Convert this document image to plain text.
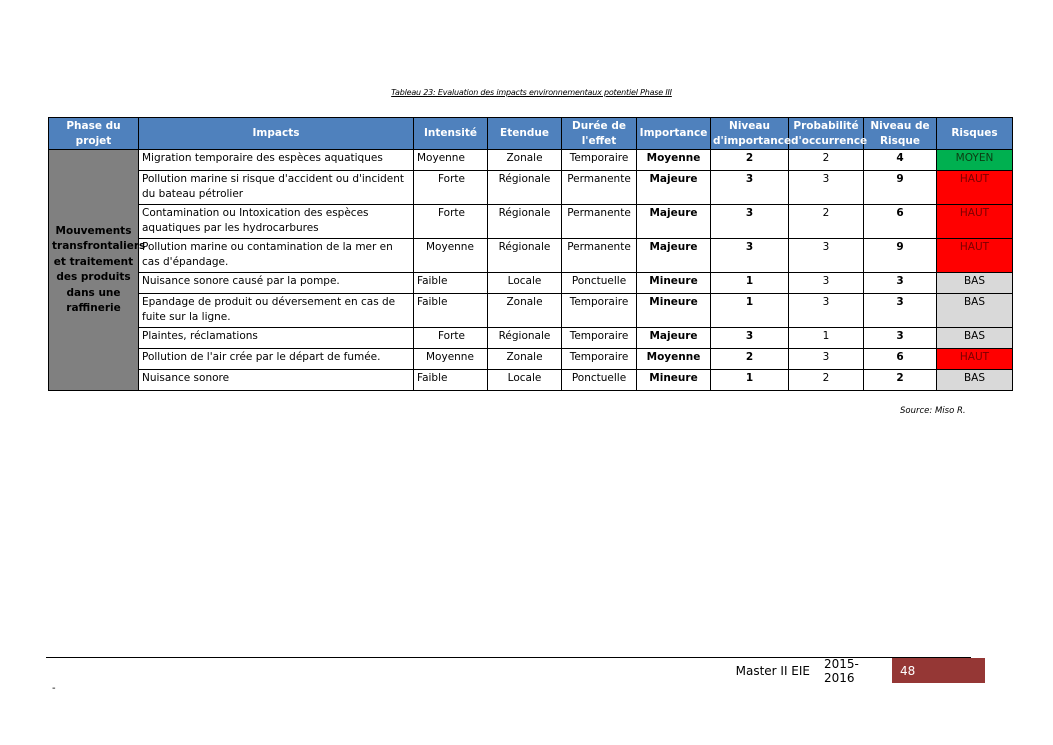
Tableau 23: Evaluation des impacts environnementaux potentiel Phase III
Phase du projet	Impacts	Intensité	Etendue	Durée de l'effet	Importance	Niveau d'importance	Probabilité d'occurrence	Niveau de Risque	Risques
Mouvements transfrontaliers et traitement des produits dans une raffinerie	Migration temporaire des espèces aquatiques	Moyenne	Zonale	Temporaire	Moyenne	2	2	4	MOYEN
	Pollution marine si risque d'accident ou d'incident du bateau pétrolier	Forte	Régionale	Permanente	Majeure	3	3	9	HAUT
	Contamination ou Intoxication des espèces aquatiques par les hydrocarbures	Forte	Régionale	Permanente	Majeure	3	2	6	HAUT
	Pollution marine ou contamination de la mer en cas d'épandage.	Moyenne	Régionale	Permanente	Majeure	3	3	9	HAUT
	Nuisance sonore causé par la pompe.	Faible	Locale	Ponctuelle	Mineure	1	3	3	BAS
	Epandage de produit ou déversement en cas de fuite sur la ligne.	Faible	Zonale	Temporaire	Mineure	1	3	3	BAS
	Plaintes, réclamations	Forte	Régionale	Temporaire	Majeure	3	1	3	BAS
	Pollution de l'air crée par le départ de fumée.	Moyenne	Zonale	Temporaire	Moyenne	2	3	6	HAUT
	Nuisance sonore	Faible	Locale	Ponctuelle	Mineure	1	2	2	BAS
Source: Miso R.
Master II EIE	2015-2016	48
-
